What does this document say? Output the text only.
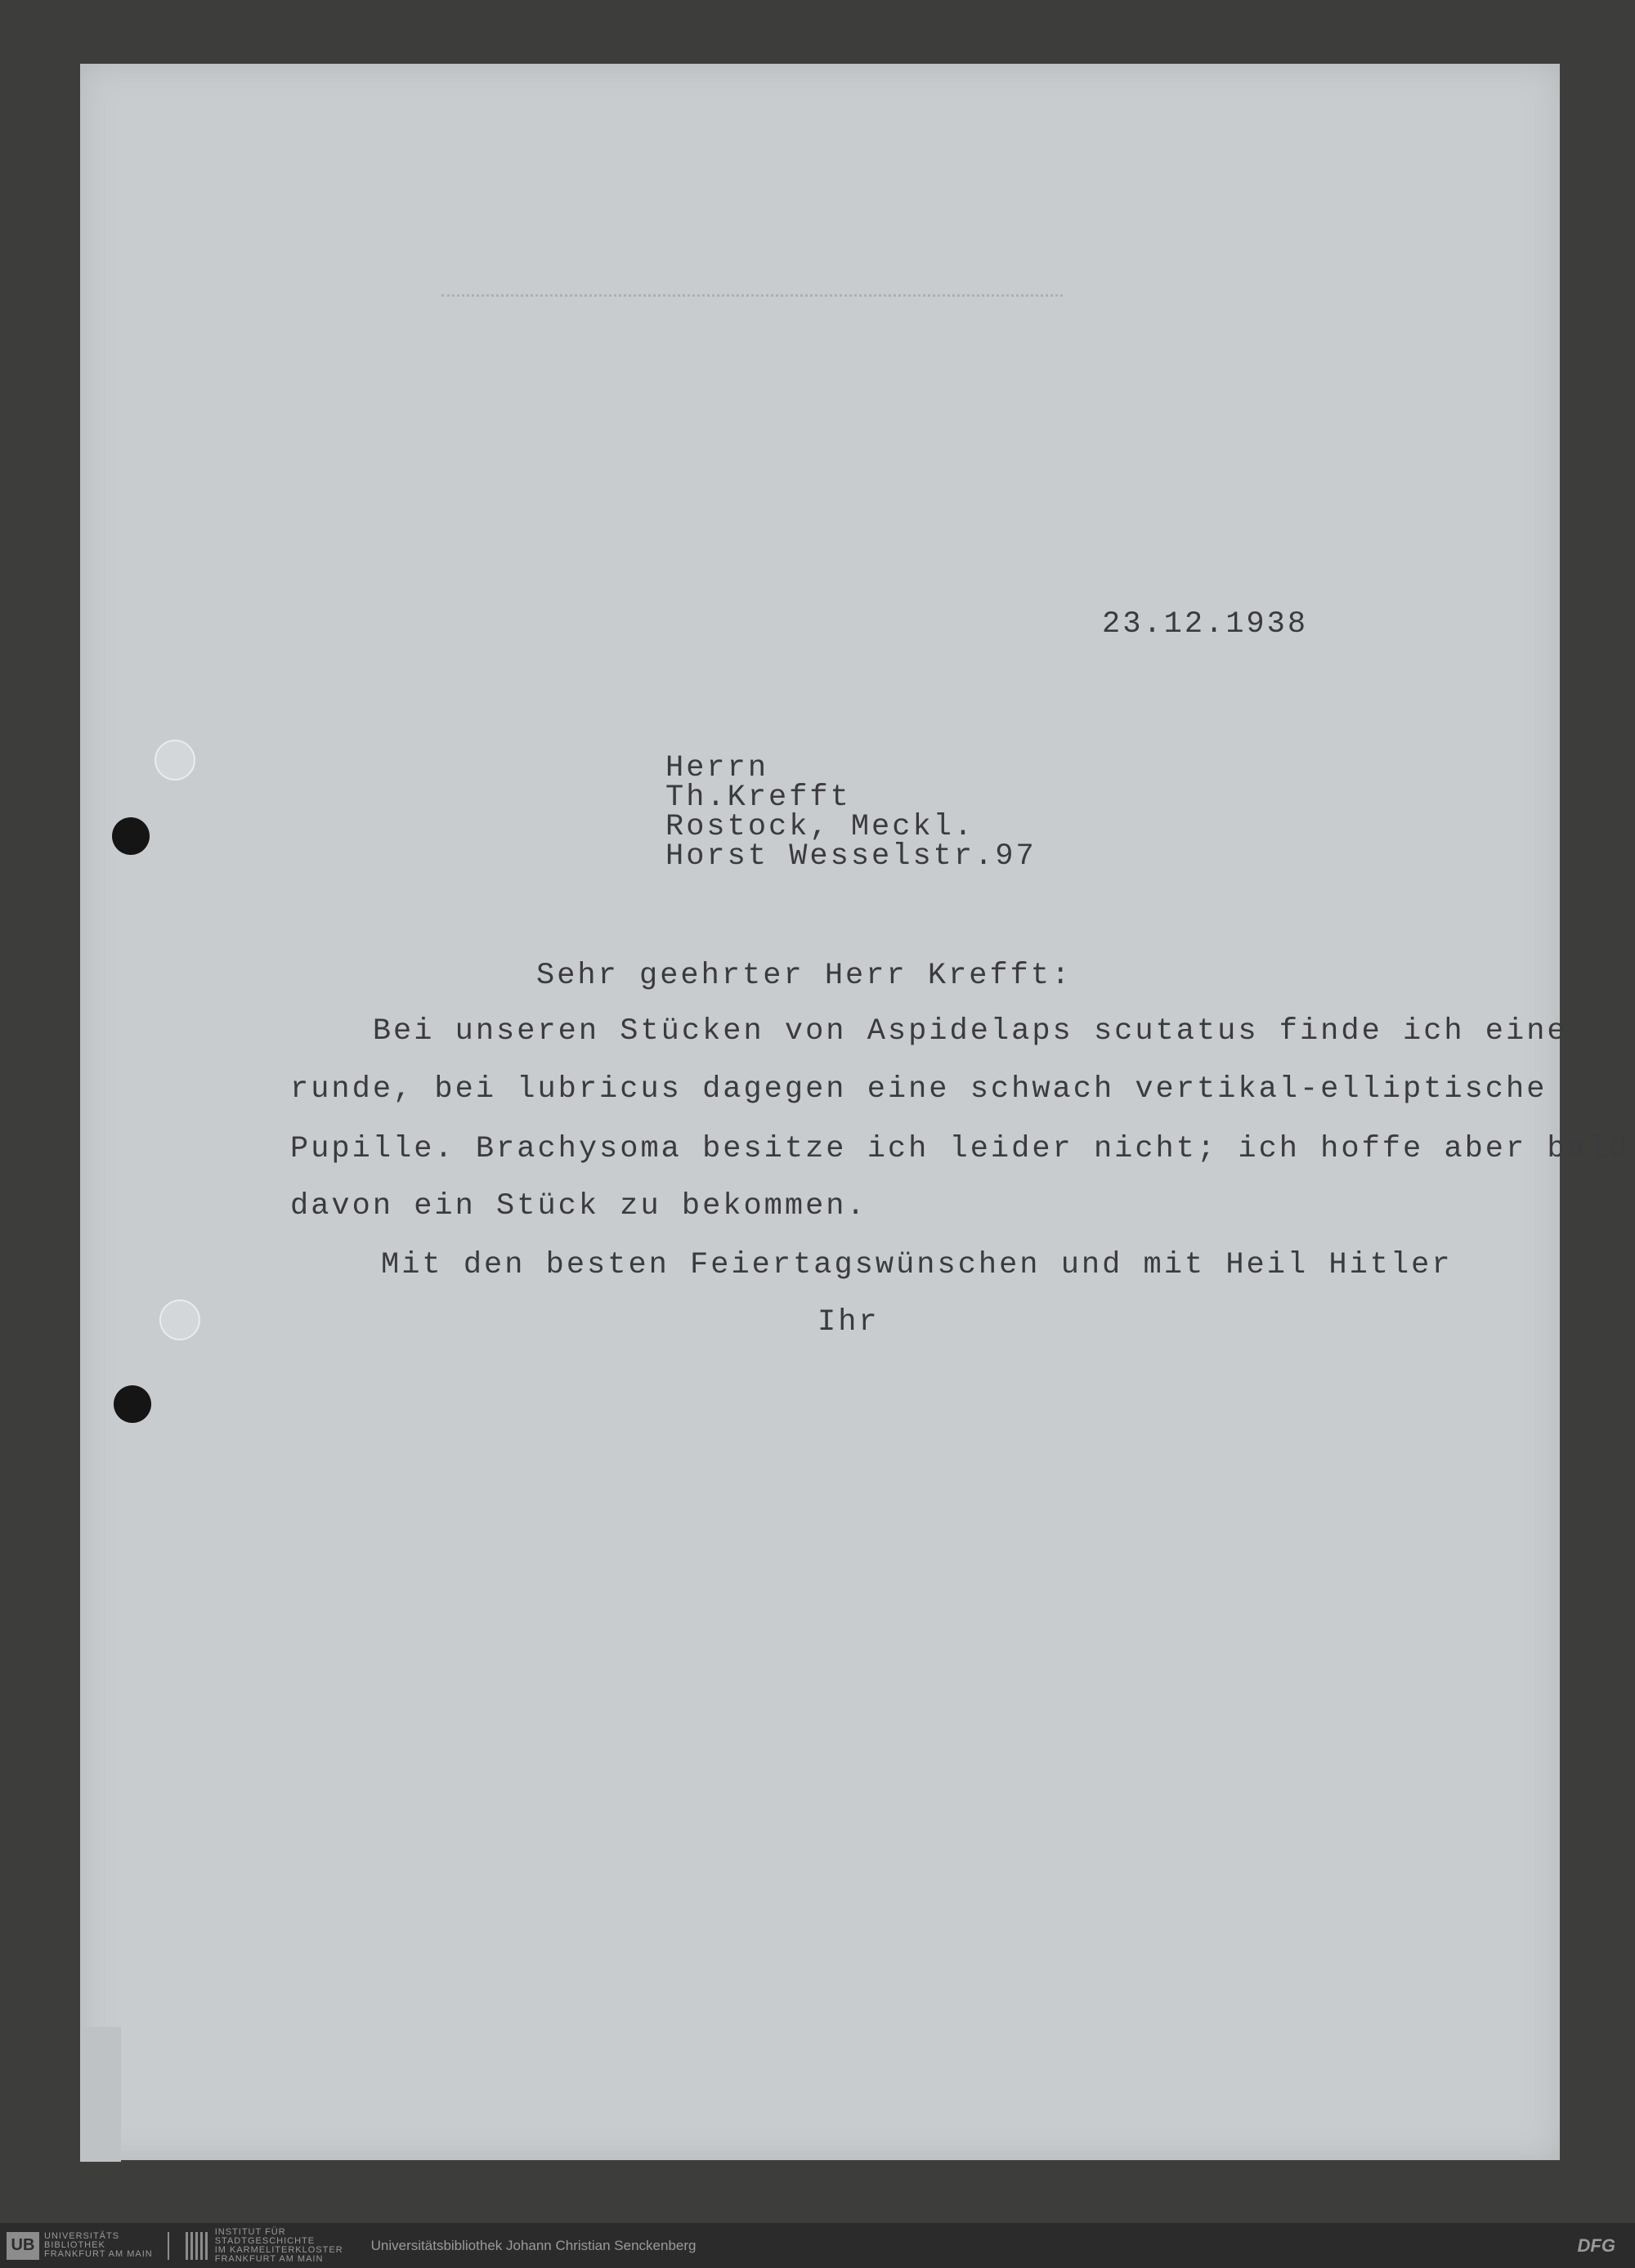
23.12.1938
Herrn
Th.Krefft
Rostock, Meckl.
Horst Wesselstr.97
Sehr geehrter Herr Krefft:
Bei unseren Stücken von Aspidelaps scutatus finde ich eine
runde, bei lubricus dagegen eine schwach vertikal-elliptische
Pupille. Brachysoma besitze ich leider nicht; ich hoffe aber bald
davon ein Stück zu bekommen.
Mit den besten Feiertagswünschen und mit Heil Hitler
Ihr
UB	UNIVERSITÄTS
BIBLIOTHEK
FRANKFURT AM MAIN
INSTITUT FÜR
STADTGESCHICHTE
IM KARMELITERKLOSTER
FRANKFURT AM MAIN
Universitätsbibliothek Johann Christian Senckenberg	DFG
